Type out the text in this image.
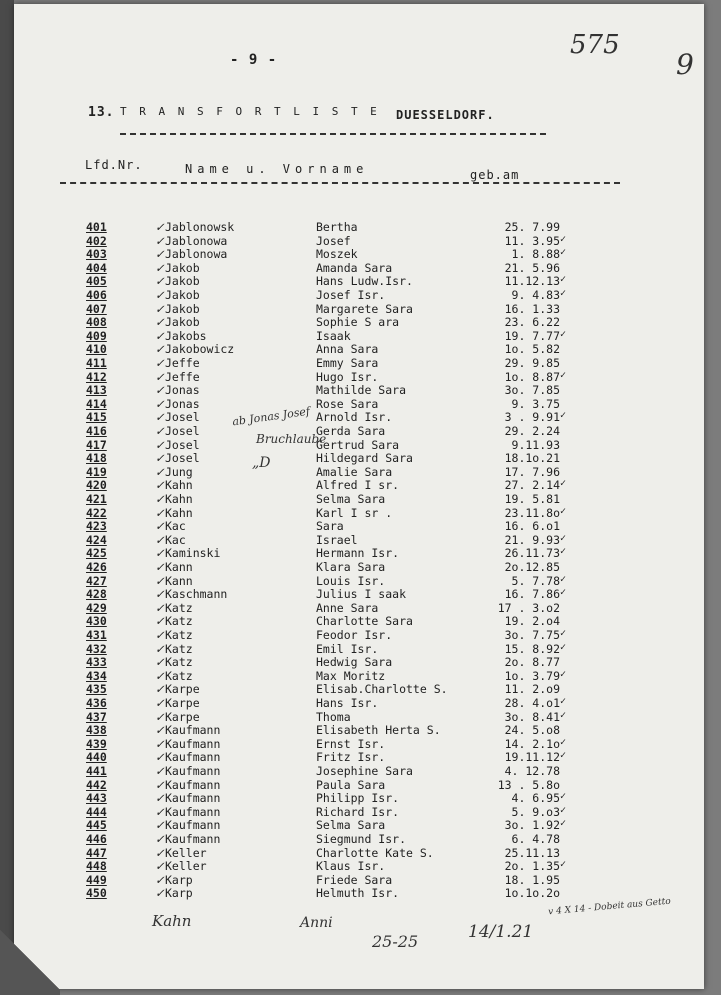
- 9 -	575
9
13. T R A N S F O R T L I S T E DUESSELDORF.
Lfd.Nr.	Name u. Vorname	geb.am
401	✓ Jablonowsk	Bertha	25. 7.99
402	✓ Jablonowa	Josef	11. 3.95 ✓
403	✓ Jablonowa	Moszek	1. 8.88 ✓
404	✓ Jakob	Amanda Sara	21. 5.96
405	✓ Jakob	Hans Ludw.Isr.	11.12.13 ✓
406	✓ Jakob	Josef Isr.	9. 4.83 ✓
407	✓ Jakob	Margarete Sara	16. 1.33
408	✓ Jakob	Sophie S ara	23. 6.22
409	✓ Jakobs	Isaak	19. 7.77 ✓
410	✓ Jakobowicz	Anna Sara	1o. 5.82
411	✓ Jeffe	Emmy Sara	29. 9.85
412	✓ Jeffe	Hugo Isr.	1o. 8.87 ✓
413	✓ Jonas	Mathilde Sara	3o. 7.85
414	✓ Jonas	Rose Sara	9. 3.75
415	✓ Josel	Arnold Isr.	3 . 9.91 ✓
416	✓ Josel	Gerda Sara	29. 2.24
417	✓ Josel	Gertrud Sara	9.11.93
418	✓ Josel	Hildegard Sara	18.1o.21
419	✓ Jung	Amalie Sara	17. 7.96
420	✓ Kahn	Alfred I sr.	27. 2.14 ✓
421	✓ Kahn	Selma Sara	19. 5.81
422	✓ Kahn	Karl I sr .	23.11.8o ✓
423	✓ Kac	Sara	16. 6.o1
424	✓ Kac	Israel	21. 9.93 ✓
425	✓ Kaminski	Hermann Isr.	26.11.73 ✓
426	✓ Kann	Klara Sara	2o.12.85
427	✓ Kann	Louis Isr.	5. 7.78 ✓
428	✓ Kaschmann	Julius I saak	16. 7.86 ✓
429	✓ Katz	Anne Sara	17 . 3.o2
430	✓ Katz	Charlotte Sara	19. 2.o4
431	✓ Katz	Feodor Isr.	3o. 7.75 ✓
432	✓ Katz	Emil Isr.	15. 8.92 ✓
433	✓ Katz	Hedwig Sara	2o. 8.77
434	✓ Katz	Max Moritz	1o. 3.79 ✓
435	✓ Karpe	Elisab.Charlotte S.	11. 2.o9
436	✓ Karpe	Hans Isr.	28. 4.o1 ✓
437	✓ Karpe	Thoma	3o. 8.41 ✓
438	✓ Kaufmann	Elisabeth Herta S.	24. 5.o8
439	✓ Kaufmann	Ernst Isr.	14. 2.1o ✓
440	✓ Kaufmann	Fritz Isr.	19.11.12 ✓
441	✓ Kaufmann	Josephine Sara	4. 12.78
442	✓ Kaufmann	Paula Sara	13 . 5.8o
443	✓ Kaufmann	Philipp Isr.	4. 6.95 ✓
444	✓ Kaufmann	Richard Isr.	5. 9.o3 ✓
445	✓ Kaufmann	Selma Sara	3o. 1.92 ✓
446	✓ Kaufmann	Siegmund Isr.	6. 4.78
447	✓ Keller	Charlotte Kate S.	25.11.13
448	✓ Keller	Klaus Isr.	2o. 1.35 ✓
449	✓ Karp	Friede Sara	18. 1.95
450	✓ Karp	Helmuth Isr.	1o.1o.2o
ab Jonas Josef
Bruchlaube
„D
Kahn	Anni
25-25	14/1.21
v 4 X 14 - Dobeit aus Getto
